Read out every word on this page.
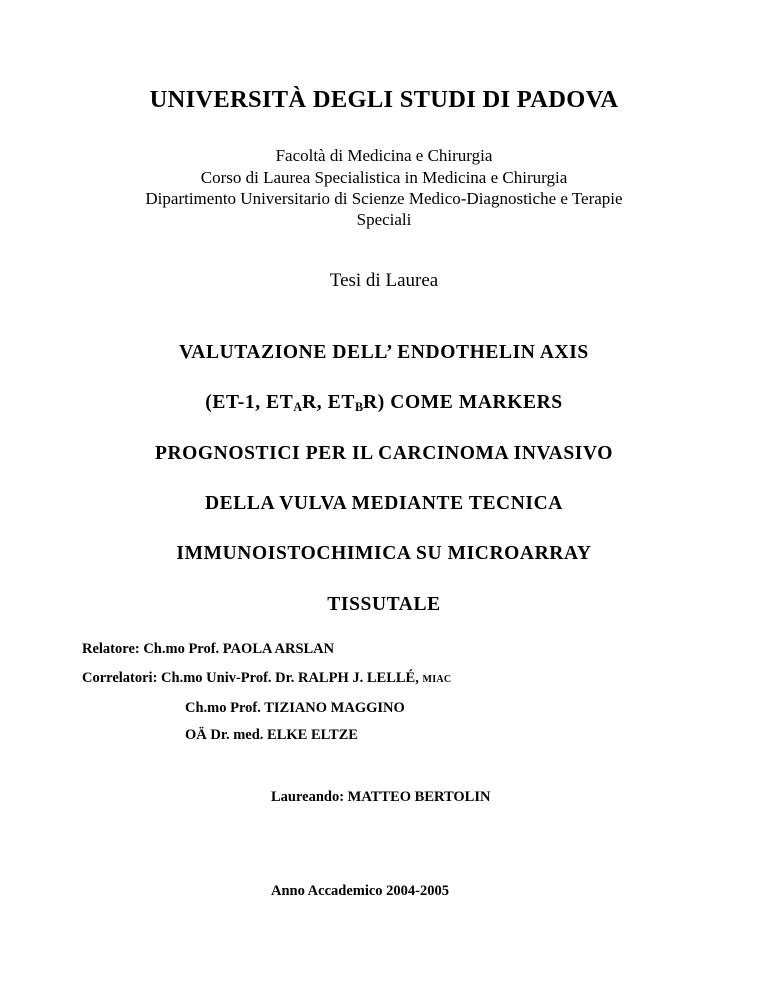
UNIVERSITÀ DEGLI STUDI DI PADOVA
Facoltà di Medicina e Chirurgia
Corso di Laurea Specialistica in Medicina e Chirurgia
Dipartimento Universitario di Scienze Medico-Diagnostiche e Terapie
Speciali
Tesi di Laurea
VALUTAZIONE DELL’ ENDOTHELIN AXIS
(ET-1, ETAR, ETBR) COME MARKERS
PROGNOSTICI PER IL CARCINOMA INVASIVO
DELLA VULVA MEDIANTE TECNICA
IMMUNOISTOCHIMICA SU MICROARRAY
TISSUTALE
Relatore: Ch.mo Prof. PAOLA ARSLAN
Correlatori: Ch.mo Univ-Prof. Dr. RALPH J. LELLÉ, MIAC
Ch.mo Prof. TIZIANO MAGGINO
OÄ Dr. med. ELKE ELTZE
Laureando: MATTEO BERTOLIN
Anno Accademico 2004-2005
